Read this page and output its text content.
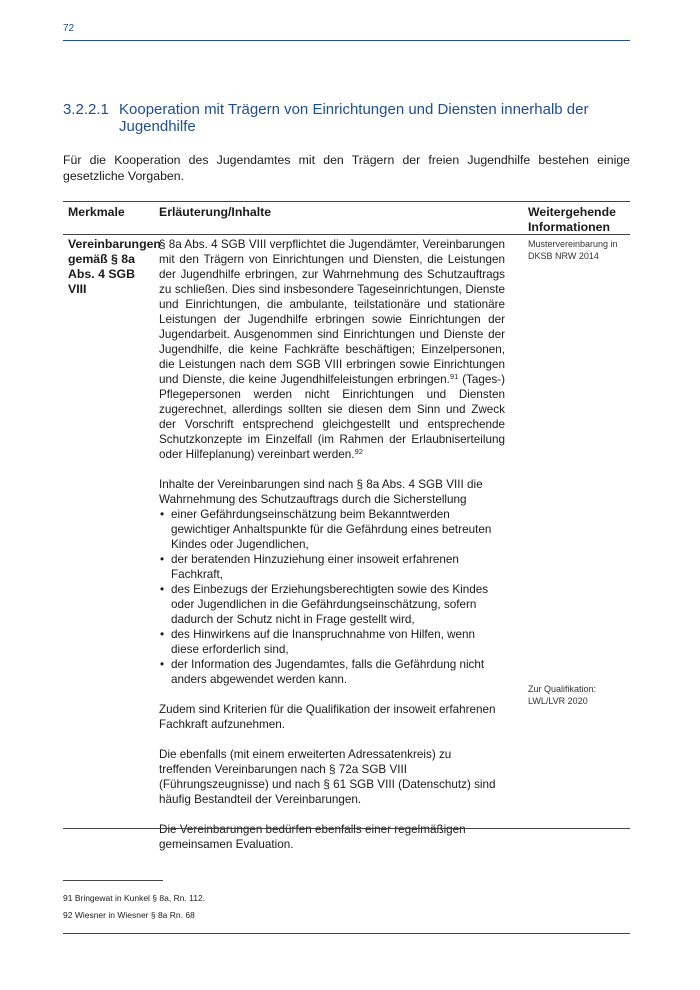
72
3.2.2.1 Kooperation mit Trägern von Einrichtungen und Diensten innerhalb der Jugendhilfe
Für die Kooperation des Jugendamtes mit den Trägern der freien Jugendhilfe bestehen einige gesetzliche Vorgaben.
Merkmale	Erläuterung/Inhalte	Weitergehende Informationen
Vereinbarungen gemäß § 8a Abs. 4 SGB VIII

§ 8a Abs. 4 SGB VIII verpflichtet die Jugendämter, Vereinbarungen mit den Trägern von Einrichtungen und Diensten, die Leistungen der Jugendhilfe erbringen, zur Wahrnehmung des Schutzauftrags zu schließen. Dies sind insbesondere Tageseinrichtungen, Dienste und Einrichtungen, die ambulante, teilstationäre und stationäre Leistungen der Jugendhilfe erbringen sowie Einrichtungen der Jugendarbeit. Ausgenommen sind Einrichtungen und Dienste der Jugendhilfe, die keine Fachkräfte beschäftigen; Einzelpersonen, die Leistungen nach dem SGB VIII erbringen sowie Einrichtungen und Dienste, die keine Jugendhilfeleistungen erbringen.$^{91}$ (Tages-) Pflegepersonen werden nicht Einrichtungen und Diensten zugerechnet, allerdings sollten sie diesen dem Sinn und Zweck der Vorschrift entsprechend gleichgestellt und entsprechende Schutzkonzepte im Einzelfall (im Rahmen der Erlaubniserteilung oder Hilfeplanung) vereinbart werden.$^{92}$

Inhalte der Vereinbarungen sind nach § 8a Abs. 4 SGB VIII die Wahrnehmung des Schutzauftrags durch die Sicherstellung

• einer Gefährdungseinschätzung beim Bekanntwerden gewichtiger Anhaltspunkte für die Gefährdung eines betreuten Kindes oder Jugendlichen,
• der beratenden Hinzuziehung einer insoweit erfahrenen Fachkraft,
• des Einbezugs der Erziehungsberechtigten sowie des Kindes oder Jugendlichen in die Gefährdungseinschätzung, sofern dadurch der Schutz nicht in Frage gestellt wird,
• des Hinwirkens auf die Inanspruchnahme von Hilfen, wenn diese erforderlich sind,
• der Information des Jugendamtes, falls die Gefährdung nicht anders abgewendet werden kann.

Zudem sind Kriterien für die Qualifikation der insoweit erfahrenen Fachkraft aufzunehmen.

Die ebenfalls (mit einem erweiterten Adressatenkreis) zu treffenden Vereinbarungen nach § 72a SGB VIII (Führungszeugnisse) und nach § 61 SGB VIII (Datenschutz) sind häufig Bestandteil der Vereinbarungen.

Die Vereinbarungen bedürfen ebenfalls einer regelmäßigen gemeinsamen Evaluation.

Mustervereinbarung in DKSB NRW 2014
Zur Qualifikation: LWL/LVR 2020
91 Bringewat in Kunkel § 8a, Rn. 112.
92 Wiesner in Wiesner § 8a Rn. 68
